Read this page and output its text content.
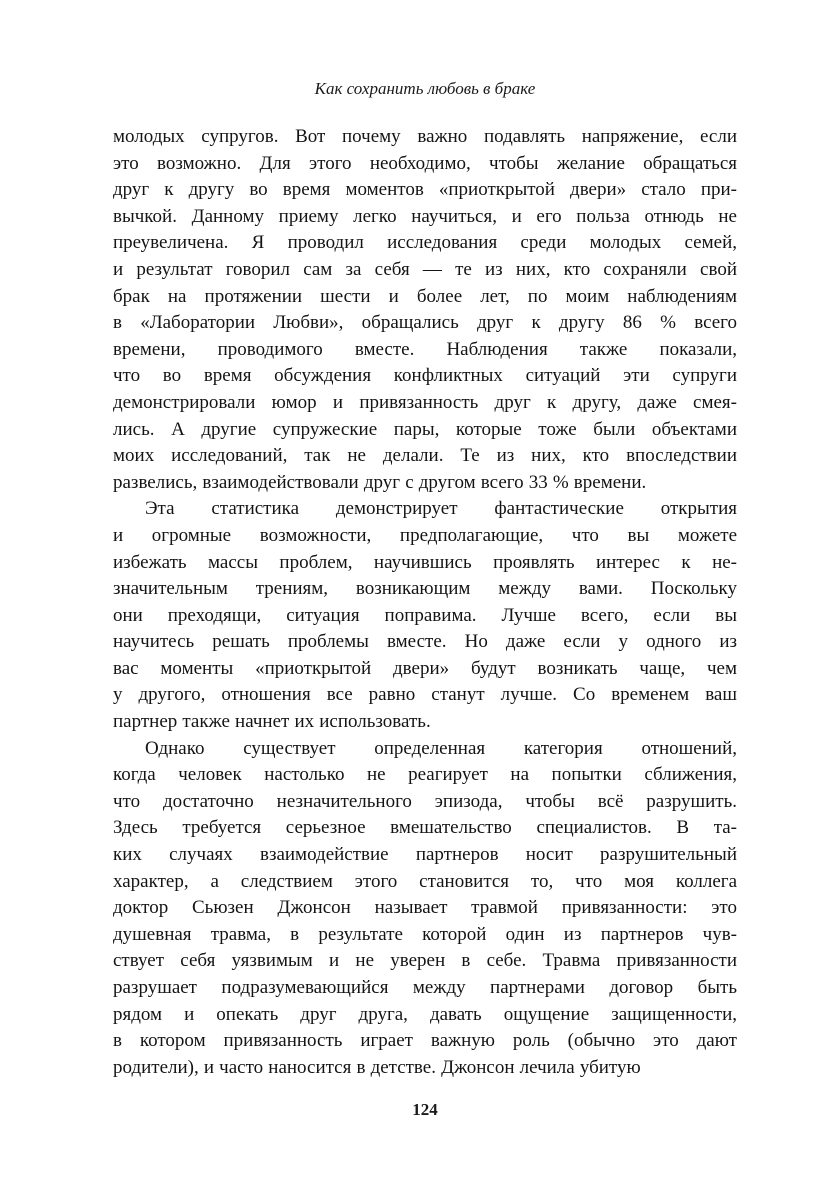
Как сохранить любовь в браке
молодых супругов. Вот почему важно подавлять напряжение, если
это возможно. Для этого необходимо, чтобы желание обращаться
друг к другу во время моментов «приоткрытой двери» стало при-
вычкой. Данному приему легко научиться, и его польза отнюдь не
преувеличена. Я проводил исследования среди молодых семей,
и результат говорил сам за себя — те из них, кто сохраняли свой
брак на протяжении шести и более лет, по моим наблюдениям
в «Лаборатории Любви», обращались друг к другу 86 % всего
времени, проводимого вместе. Наблюдения также показали,
что во время обсуждения конфликтных ситуаций эти супруги
демонстрировали юмор и привязанность друг к другу, даже смея-
лись. А другие супружеские пары, которые тоже были объектами
моих исследований, так не делали. Те из них, кто впоследствии
развелись, взаимодействовали друг с другом всего 33 % времени.
Эта статистика демонстрирует фантастические открытия
и огромные возможности, предполагающие, что вы можете
избежать массы проблем, научившись проявлять интерес к не-
значительным трениям, возникающим между вами. Поскольку
они преходящи, ситуация поправима. Лучше всего, если вы
научитесь решать проблемы вместе. Но даже если у одного из
вас моменты «приоткрытой двери» будут возникать чаще, чем
у другого, отношения все равно станут лучше. Со временем ваш
партнер также начнет их использовать.
Однако существует определенная категория отношений,
когда человек настолько не реагирует на попытки сближения,
что достаточно незначительного эпизода, чтобы всё разрушить.
Здесь требуется серьезное вмешательство специалистов. В та-
ких случаях взаимодействие партнеров носит разрушительный
характер, а следствием этого становится то, что моя коллега
доктор Сьюзен Джонсон называет травмой привязанности: это
душевная травма, в результате которой один из партнеров чув-
ствует себя уязвимым и не уверен в себе. Травма привязанности
разрушает подразумевающийся между партнерами договор быть
рядом и опекать друг друга, давать ощущение защищенности,
в котором привязанность играет важную роль (обычно это дают
родители), и часто наносится в детстве. Джонсон лечила убитую
124
